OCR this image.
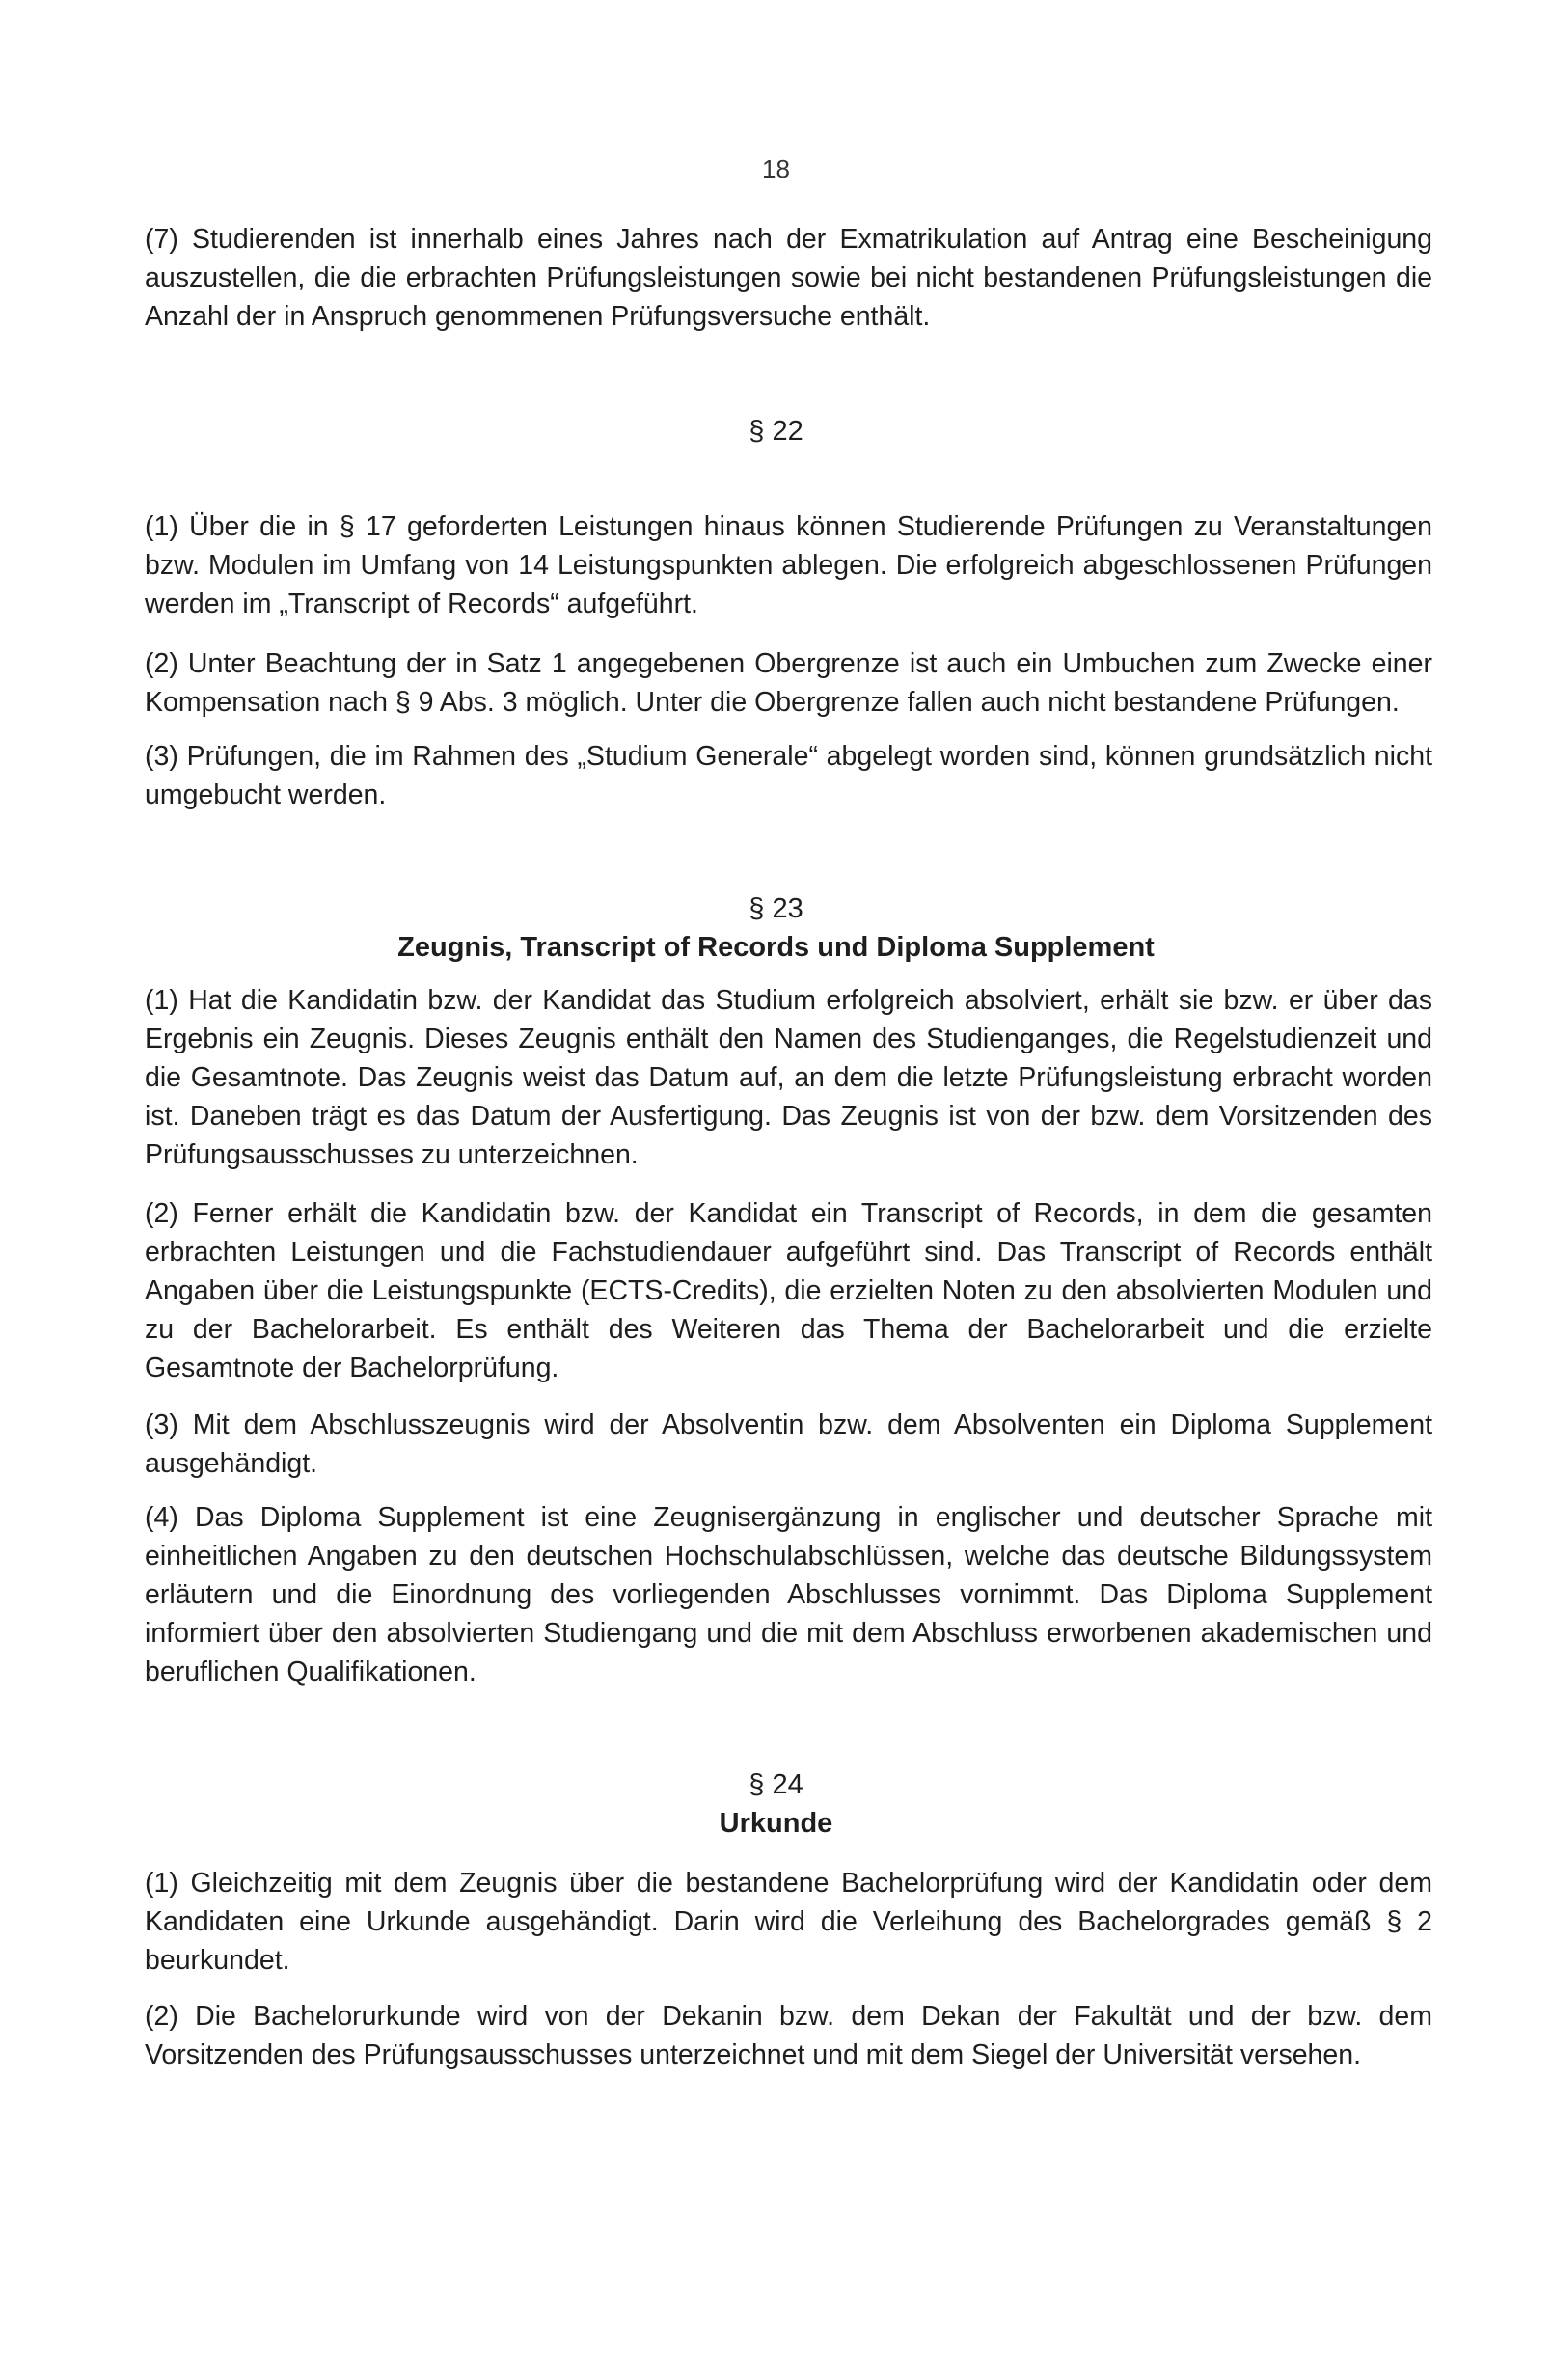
18

(7) Studierenden ist innerhalb eines Jahres nach der Exmatrikulation auf Antrag eine Bescheinigung auszustellen, die die erbrachten Prüfungsleistungen sowie bei nicht bestandenen Prüfungsleistungen die Anzahl der in Anspruch genommenen Prüfungsversuche enthält.

§ 22

(1) Über die in § 17 geforderten Leistungen hinaus können Studierende Prüfungen zu Veranstaltungen bzw. Modulen im Umfang von 14 Leistungspunkten ablegen. Die erfolgreich abgeschlossenen Prüfungen werden im „Transcript of Records“ aufgeführt.

(2) Unter Beachtung der in Satz 1 angegebenen Obergrenze ist auch ein Umbuchen zum Zwecke einer Kompensation nach § 9 Abs. 3 möglich. Unter die Obergrenze fallen auch nicht bestandene Prüfungen.

(3) Prüfungen, die im Rahmen des „Studium Generale“ abgelegt worden sind, können grundsätzlich nicht umgebucht werden.

§ 23
Zeugnis, Transcript of Records und Diploma Supplement

(1) Hat die Kandidatin bzw. der Kandidat das Studium erfolgreich absolviert, erhält sie bzw. er über das Ergebnis ein Zeugnis. Dieses Zeugnis enthält den Namen des Studienganges, die Regelstudienzeit und die Gesamtnote. Das Zeugnis weist das Datum auf, an dem die letzte Prüfungsleistung erbracht worden ist. Daneben trägt es das Datum der Ausfertigung. Das Zeugnis ist von der bzw. dem Vorsitzenden des Prüfungsausschusses zu unterzeichnen.

(2) Ferner erhält die Kandidatin bzw. der Kandidat ein Transcript of Records, in dem die gesamten erbrachten Leistungen und die Fachstudiendauer aufgeführt sind. Das Transcript of Records enthält Angaben über die Leistungspunkte (ECTS-Credits), die erzielten Noten zu den absolvierten Modulen und zu der Bachelorarbeit. Es enthält des Weiteren das Thema der Bachelorarbeit und die erzielte Gesamtnote der Bachelorprüfung.

(3) Mit dem Abschlusszeugnis wird der Absolventin bzw. dem Absolventen ein Diploma Supplement ausgehändigt.

(4) Das Diploma Supplement ist eine Zeugnisergänzung in englischer und deutscher Sprache mit einheitlichen Angaben zu den deutschen Hochschulabschlüssen, welche das deutsche Bildungssystem erläutern und die Einordnung des vorliegenden Abschlusses vornimmt. Das Diploma Supplement informiert über den absolvierten Studiengang und die mit dem Abschluss erworbenen akademischen und beruflichen Qualifikationen.

§ 24
Urkunde

(1) Gleichzeitig mit dem Zeugnis über die bestandene Bachelorprüfung wird der Kandidatin oder dem Kandidaten eine Urkunde ausgehändigt. Darin wird die Verleihung des Bachelorgrades gemäß § 2 beurkundet.

(2) Die Bachelorurkunde wird von der Dekanin bzw. dem Dekan der Fakultät und der bzw. dem Vorsitzenden des Prüfungsausschusses unterzeichnet und mit dem Siegel der Universität versehen.
